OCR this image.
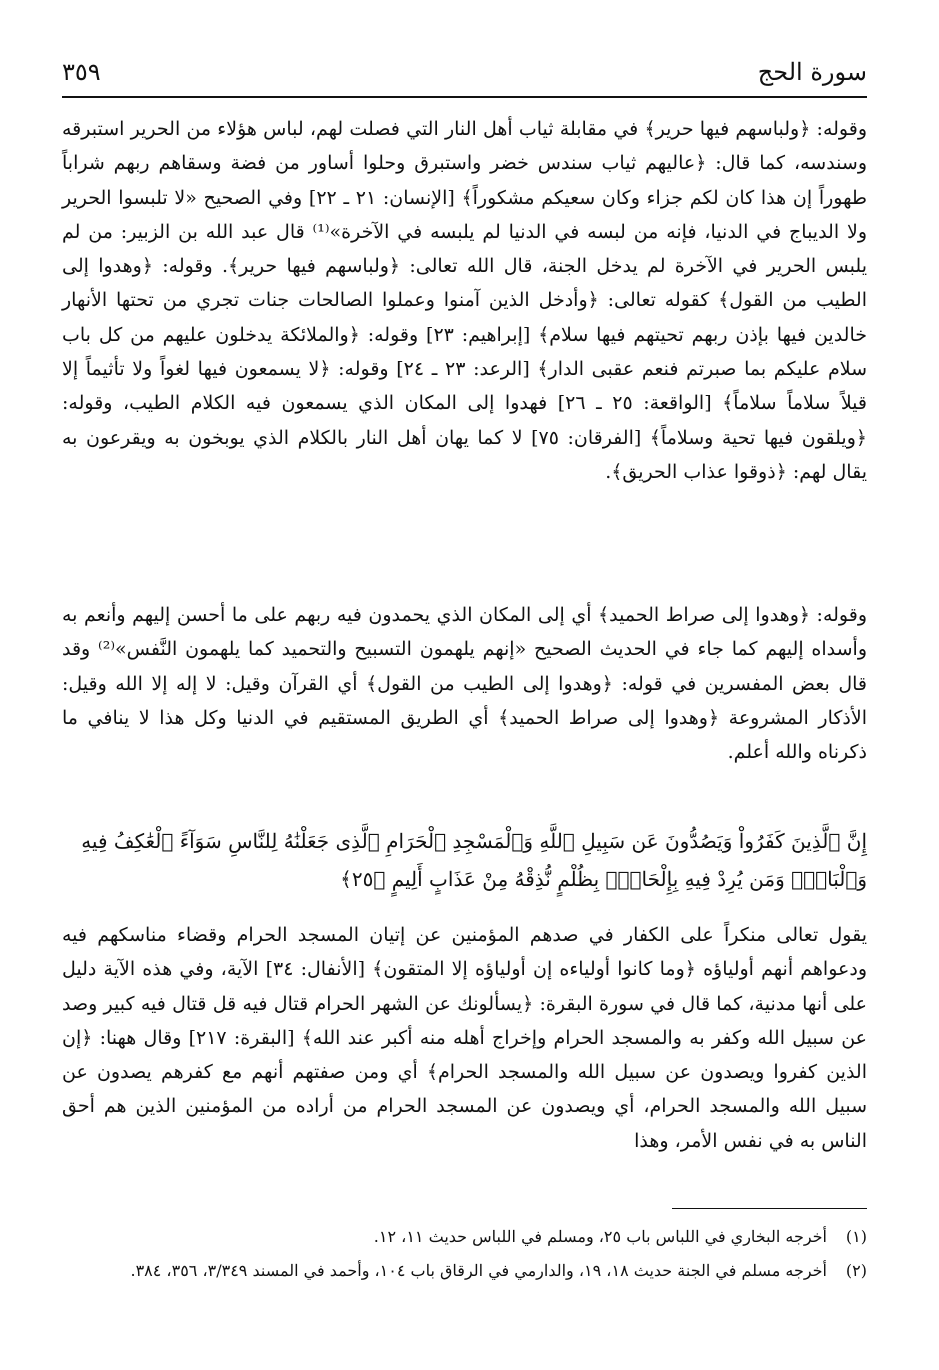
سورة الحج
٣٥٩

وقوله: ﴿ولباسهم فيها حرير﴾ في مقابلة ثياب أهل النار التي فصلت لهم، لباس هؤلاء من الحرير استبرقه وسندسه، كما قال: ﴿عاليهم ثياب سندس خضر واستبرق وحلوا أساور من فضة وسقاهم ربهم شراباً طهوراً إن هذا كان لكم جزاء وكان سعيكم مشكوراً﴾ [الإنسان: ٢١ ـ ٢٢] وفي الصحيح «لا تلبسوا الحرير ولا الديباج في الدنيا، فإنه من لبسه في الدنيا لم يلبسه في الآخرة»⁽¹⁾ قال عبد الله بن الزبير: من لم يلبس الحرير في الآخرة لم يدخل الجنة، قال الله تعالى: ﴿ولباسهم فيها حرير﴾. وقوله: ﴿وهدوا إلى الطيب من القول﴾ كقوله تعالى: ﴿وأدخل الذين آمنوا وعملوا الصالحات جنات تجري من تحتها الأنهار خالدين فيها بإذن ربهم تحيتهم فيها سلام﴾ [إبراهيم: ٢٣] وقوله: ﴿والملائكة يدخلون عليهم من كل باب سلام عليكم بما صبرتم فنعم عقبى الدار﴾ [الرعد: ٢٣ ـ ٢٤] وقوله: ﴿لا يسمعون فيها لغواً ولا تأثيماً إلا قيلاً سلاماً سلاماً﴾ [الواقعة: ٢٥ ـ ٢٦] فهدوا إلى المكان الذي يسمعون فيه الكلام الطيب، وقوله: ﴿ويلقون فيها تحية وسلاماً﴾ [الفرقان: ٧٥] لا كما يهان أهل النار بالكلام الذي يوبخون به ويقرعون به يقال لهم: ﴿ذوقوا عذاب الحريق﴾.

وقوله: ﴿وهدوا إلى صراط الحميد﴾ أي إلى المكان الذي يحمدون فيه ربهم على ما أحسن إليهم وأنعم به وأسداه إليهم كما جاء في الحديث الصحيح «إنهم يلهمون التسبيح والتحميد كما يلهمون النَّفس»⁽²⁾ وقد قال بعض المفسرين في قوله: ﴿وهدوا إلى الطيب من القول﴾ أي القرآن وقيل: لا إله إلا الله وقيل: الأذكار المشروعة ﴿وهدوا إلى صراط الحميد﴾ أي الطريق المستقيم في الدنيا وكل هذا لا ينافي ما ذكرناه والله أعلم.

إِنَّ ٱلَّذِينَ كَفَرُواْ وَيَصُدُّونَ عَن سَبِيلِ ٱللَّهِ وَٱلْمَسْجِدِ ٱلْحَرَامِ ٱلَّذِى جَعَلْنَٰهُ لِلنَّاسِ سَوَآءً ٱلْعَٰكِفُ فِيهِ وَٱلْبَادِۚ وَمَن يُرِدْ فِيهِ بِإِلْحَادٍۭ بِظُلْمٍ نُّذِقْهُ مِنْ عَذَابٍ أَلِيمٍ ﴿٢٥﴾

يقول تعالى منكراً على الكفار في صدهم المؤمنين عن إتيان المسجد الحرام وقضاء مناسكهم فيه ودعواهم أنهم أولياؤه ﴿وما كانوا أولياءه إن أولياؤه إلا المتقون﴾ [الأنفال: ٣٤] الآية، وفي هذه الآية دليل على أنها مدنية، كما قال في سورة البقرة: ﴿يسألونك عن الشهر الحرام قتال فيه قل قتال فيه كبير وصد عن سبيل الله وكفر به والمسجد الحرام وإخراج أهله منه أكبر عند الله﴾ [البقرة: ٢١٧] وقال ههنا: ﴿إن الذين كفروا ويصدون عن سبيل الله والمسجد الحرام﴾ أي ومن صفتهم أنهم مع كفرهم يصدون عن سبيل الله والمسجد الحرام، أي ويصدون عن المسجد الحرام من أراده من المؤمنين الذين هم أحق الناس به في نفس الأمر، وهذا

(١)
أخرجه البخاري في اللباس باب ٢٥، ومسلم في اللباس حديث ١١، ١٢.
(٢)
أخرجه مسلم في الجنة حديث ١٨، ١٩، والدارمي في الرقاق باب ١٠٤، وأحمد في المسند ٣/٣٤٩، ٣٥٦، ٣٨٤.
